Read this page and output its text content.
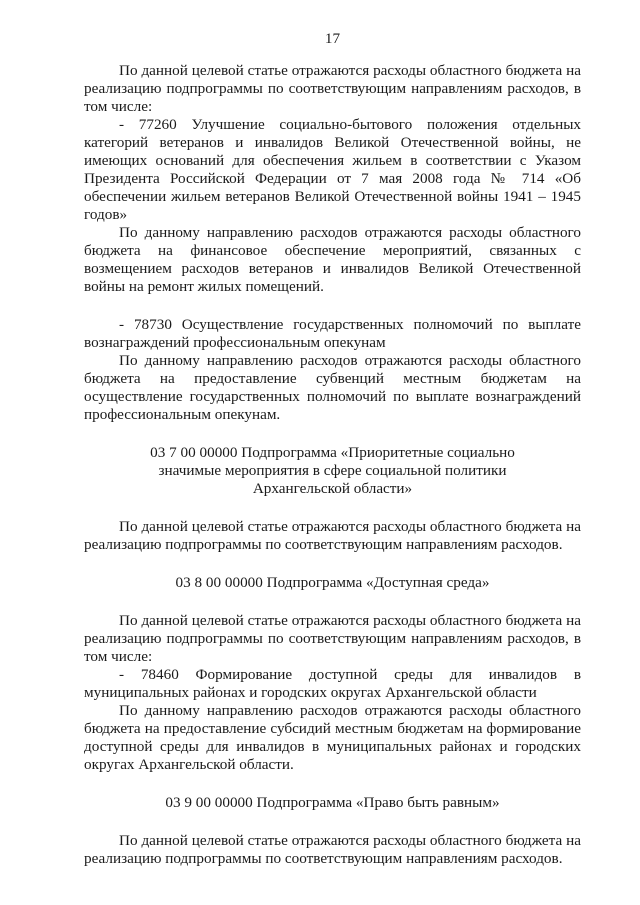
17

По данной целевой статье отражаются расходы областного бюджета на реализацию подпрограммы по соответствующим направлениям расходов, в том числе:

- 77260 Улучшение социально-бытового положения отдельных категорий ветеранов и инвалидов Великой Отечественной войны, не имеющих оснований для обеспечения жильем в соответствии с Указом Президента Российской Федерации от 7 мая 2008 года № 714 «Об обеспечении жильем ветеранов Великой Отечественной войны 1941 – 1945 годов»

По данному направлению расходов отражаются расходы областного бюджета на финансовое обеспечение мероприятий, связанных с возмещением расходов ветеранов и инвалидов Великой Отечественной войны на ремонт жилых помещений.

- 78730 Осуществление государственных полномочий по выплате вознаграждений профессиональным опекунам

По данному направлению расходов отражаются расходы областного бюджета на предоставление субвенций местным бюджетам на осуществление государственных полномочий по выплате вознаграждений профессиональным опекунам.

03 7 00 00000 Подпрограмма «Приоритетные социально
значимые мероприятия в сфере социальной политики
Архангельской области»

По данной целевой статье отражаются расходы областного бюджета на реализацию подпрограммы по соответствующим направлениям расходов.

03 8 00 00000 Подпрограмма «Доступная среда»

По данной целевой статье отражаются расходы областного бюджета на реализацию подпрограммы по соответствующим направлениям расходов, в том числе:

- 78460 Формирование доступной среды для инвалидов в муниципальных районах и городских округах Архангельской области

По данному направлению расходов отражаются расходы областного бюджета на предоставление субсидий местным бюджетам на формирование доступной среды для инвалидов в муниципальных районах и городских округах Архангельской области.

03 9 00 00000 Подпрограмма «Право быть равным»

По данной целевой статье отражаются расходы областного бюджета на реализацию подпрограммы по соответствующим направлениям расходов.
